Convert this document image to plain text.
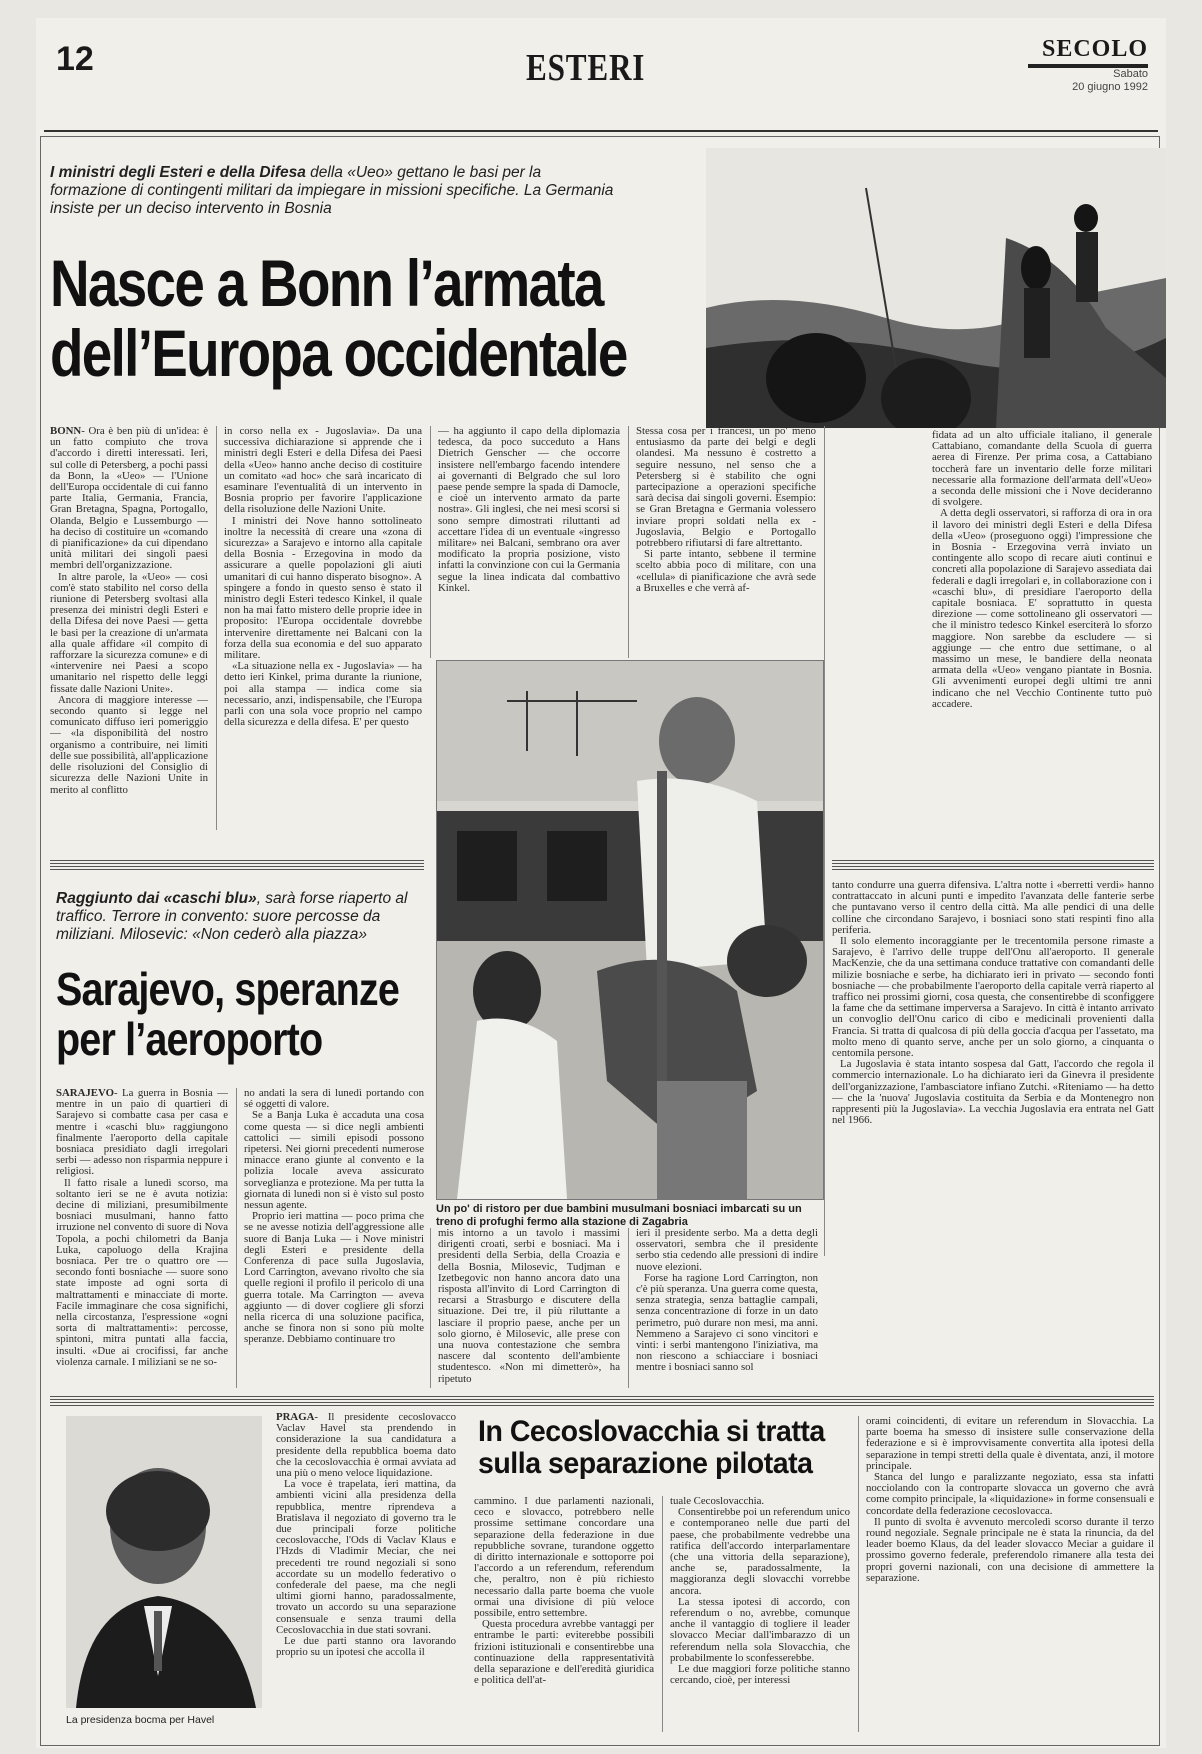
12	ESTERI	SECOLO
Sabato
20 giugno 1992
I ministri degli Esteri e della Difesa della «Ueo» gettano le basi per la formazione di contingenti militari da impiegare in missioni specifiche. La Germania insiste per un deciso intervento in Bosnia
Nasce a Bonn l’armata
dell’Europa occidentale

BONN- Ora è ben più di un'idea: è un fatto compiuto che trova d'accordo i diretti interessati. Ieri, sul colle di Petersberg, a pochi passi da Bonn, la «Ueo» — l'Unione dell'Europa occidentale di cui fanno parte Italia, Germania, Francia, Gran Bretagna, Spagna, Portogallo, Olanda, Belgio e Lussemburgo — ha deciso di costituire un «comando di pianificazione» da cui dipendano unità militari dei singoli paesi membri dell'organizzazione.

In altre parole, la «Ueo» — così com'è stato stabilito nel corso della riunione di Petersberg svoltasi alla presenza dei ministri degli Esteri e della Difesa dei nove Paesi — getta le basi per la creazione di un'armata alla quale affidare «il compito di rafforzare la sicurezza comune» e di «intervenire nei Paesi a scopo umanitario nel rispetto delle leggi fissate dalle Nazioni Unite».

Ancora di maggiore interesse — secondo quanto si legge nel comunicato diffuso ieri pomeriggio — «la disponibilità del nostro organismo a contribuire, nei limiti delle sue possibilità, all'applicazione delle risoluzioni del Consiglio di sicurezza delle Nazioni Unite in merito al conflitto

in corso nella ex - Jugoslavia». Da una successiva dichiarazione si apprende che i ministri degli Esteri e della Difesa dei Paesi della «Ueo» hanno anche deciso di costituire un comitato «ad hoc» che sarà incaricato di esaminare l'eventualità di un intervento in Bosnia proprio per favorire l'applicazione della risoluzione delle Nazioni Unite.

I ministri dei Nove hanno sottolineato inoltre la necessità di creare una «zona di sicurezza» a Sarajevo e intorno alla capitale della Bosnia - Erzegovina in modo da assicurare a quelle popolazioni gli aiuti umanitari di cui hanno disperato bisogno». A spingere a fondo in questo senso è stato il ministro degli Esteri tedesco Kinkel, il quale non ha mai fatto mistero delle proprie idee in proposito: l'Europa occidentale dovrebbe intervenire direttamente nei Balcani con la forza della sua economia e del suo apparato militare.

«La situazione nella ex - Jugoslavia» — ha detto ieri Kinkel, prima durante la riunione, poi alla stampa — indica come sia necessario, anzi, indispensabile, che l'Europa parli con una sola voce proprio nel campo della sicurezza e della difesa. E' per questo

— ha aggiunto il capo della diplomazia tedesca, da poco succeduto a Hans Dietrich Genscher — che occorre insistere nell'embargo facendo intendere ai governanti di Belgrado che sul loro paese pende sempre la spada di Damocle, e cioè un intervento armato da parte nostra». Gli inglesi, che nei mesi scorsi si sono sempre dimostrati riluttanti ad accettare l'idea di un eventuale «ingresso militare» nei Balcani, sembrano ora aver modificato la propria posizione, visto infatti la convinzione con cui la Germania segue la linea indicata dal combattivo Kinkel.

Stessa cosa per i francesi, un po' meno entusiasmo da parte dei belgi e degli olandesi. Ma nessuno è costretto a seguire nessuno, nel senso che a Petersberg si è stabilito che ogni partecipazione a operazioni specifiche sarà decisa dai singoli governi. Esempio: se Gran Bretagna e Germania volessero inviare propri soldati nella ex - Jugoslavia, Belgio e Portogallo potrebbero rifiutarsi di fare altrettanto.

Si parte intanto, sebbene il termine scelto abbia poco di militare, con una «cellula» di pianificazione che avrà sede a Bruxelles e che verrà af-

fidata ad un alto ufficiale italiano, il generale Cattabiano, comandante della Scuola di guerra aerea di Firenze. Per prima cosa, a Cattabiano toccherà fare un inventario delle forze militari necessarie alla formazione dell'armata dell'«Ueo» a seconda delle missioni che i Nove decideranno di svolgere.

A detta degli osservatori, si rafforza di ora in ora il lavoro dei ministri degli Esteri e della Difesa della «Ueo» (proseguono oggi) l'impressione che in Bosnia - Erzegovina verrà inviato un contingente allo scopo di recare aiuti continui e concreti alla popolazione di Sarajevo assediata dai federali e dagli irregolari e, in collaborazione con i «caschi blu», di presidiare l'aeroporto della capitale bosniaca. E' soprattutto in questa direzione — come sottolineano gli osservatori — che il ministro tedesco Kinkel eserciterà lo sforzo maggiore. Non sarebbe da escludere — si aggiunge — che entro due settimane, o al massimo un mese, le bandiere della neonata armata della «Ueo» vengano piantate in Bosnia. Gli avvenimenti europei degli ultimi tre anni indicano che nel Vecchio Continente tutto può accadere.

Un po' di ristoro per due bambini musulmani bosniaci imbarcati su un treno di profughi fermo alla stazione di Zagabria
Raggiunto dai «caschi blu», sarà forse riaperto al traffico. Terrore in convento: suore percosse da miliziani. Milosevic: «Non cederò alla piazza»
Sarajevo, speranze
per l’aeroporto

SARAJEVO- La guerra in Bosnia — mentre in un paio di quartieri di Sarajevo si combatte casa per casa e mentre i «caschi blu» raggiungono finalmente l'aeroporto della capitale bosniaca presidiato dagli irregolari serbi — adesso non risparmia neppure i religiosi.

Il fatto risale a lunedì scorso, ma soltanto ieri se ne è avuta notizia: decine di miliziani, presumibilmente bosniaci musulmani, hanno fatto irruzione nel convento di suore di Nova Topola, a pochi chilometri da Banja Luka, capoluogo della Krajina bosniaca. Per tre o quattro ore — secondo fonti bosniache — suore sono state imposte ad ogni sorta di maltrattamenti e minacciate di morte. Facile immaginare che cosa significhi, nella circostanza, l'espressione «ogni sorta di maltrattamenti»: percosse, spintoni, mitra puntati alla faccia, insulti. «Due ai crocifissi, far anche violenza carnale. I miliziani se ne so-

no andati la sera di lunedì portando con sé oggetti di valore.

Se a Banja Luka è accaduta una cosa come questa — si dice negli ambienti cattolici — simili episodi possono ripetersi. Nei giorni precedenti numerose minacce erano giunte al convento e la polizia locale aveva assicurato sorveglianza e protezione. Ma per tutta la giornata di lunedì non si è visto sul posto nessun agente.

Proprio ieri mattina — poco prima che se ne avesse notizia dell'aggressione alle suore di Banja Luka — i Nove ministri degli Esteri e presidente della Conferenza di pace sulla Jugoslavia, Lord Carrington, avevano rivolto che sia quelle regioni il profilo il pericolo di una guerra totale. Ma Carrington — aveva aggiunto — di dover cogliere gli sforzi nella ricerca di una soluzione pacifica, anche se finora non si sono più molte speranze. Debbiamo continuare tro

mis intorno a un tavolo i massimi dirigenti croati, serbi e bosniaci. Ma i presidenti della Serbia, della Croazia e della Bosnia, Milosevic, Tudjman e Izetbegovic non hanno ancora dato una risposta all'invito di Lord Carrington di recarsi a Strasburgo e discutere della situazione. Dei tre, il più riluttante a lasciare il proprio paese, anche per un solo giorno, è Milosevic, alle prese con una nuova contestazione che sembra nascere dal scontento dell'ambiente studentesco. «Non mi dimetterò», ha ripetuto

ieri il presidente serbo. Ma a detta degli osservatori, sembra che il presidente serbo stia cedendo alle pressioni di indire nuove elezioni.

Forse ha ragione Lord Carrington, non c'è più speranza. Una guerra come questa, senza strategia, senza battaglie campali, senza concentrazione di forze in un dato perimetro, può durare non mesi, ma anni. Nemmeno a Sarajevo ci sono vincitori e vinti: i serbi mantengono l'iniziativa, ma non riescono a schiacciare i bosniaci mentre i bosniaci sanno sol

tanto condurre una guerra difensiva. L'altra notte i «berretti verdi» hanno contrattaccato in alcuni punti e impedito l'avanzata delle fanterie serbe che puntavano verso il centro della città. Ma alle pendici di una delle colline che circondano Sarajevo, i bosniaci sono stati respinti fino alla periferia.

Il solo elemento incoraggiante per le trecentomila persone rimaste a Sarajevo, è l'arrivo delle truppe dell'Onu all'aeroporto. Il generale MacKenzie, che da una settimana conduce trattative con comandanti delle milizie bosniache e serbe, ha dichiarato ieri in privato — secondo fonti bosniache — che probabilmente l'aeroporto della capitale verrà riaperto al traffico nei prossimi giorni, cosa questa, che consentirebbe di sconfiggere la fame che da settimane imperversa a Sarajevo. In città è intanto arrivato un convoglio dell'Onu carico di cibo e medicinali provenienti dalla Francia. Si tratta di qualcosa di più della goccia d'acqua per l'assetato, ma molto meno di quanto serve, anche per un solo giorno, a cinquanta o centomila persone.

La Jugoslavia è stata intanto sospesa dal Gatt, l'accordo che regola il commercio internazionale. Lo ha dichiarato ieri da Ginevra il presidente dell'organizzazione, l'ambasciatore infiano Zutchi. «Riteniamo — ha detto — che la 'nuova' Jugoslavia costituita da Serbia e da Montenegro non rappresenti più la Jugoslavia». La vecchia Jugoslavia era entrata nel Gatt nel 1966.

La presidenza bocma per Havel

PRAGA- Il presidente cecoslovacco Vaclav Havel sta prendendo in considerazione la sua candidatura a presidente della repubblica boema dato che la cecoslovacchia è ormai avviata ad una più o meno veloce liquidazione.

La voce è trapelata, ieri mattina, da ambienti vicini alla presidenza della repubblica, mentre riprendeva a Bratislava il negoziato di governo tra le due principali forze politiche cecoslovacche, l'Ods di Vaclav Klaus e l'Hzds di Vladimir Meciar, che nei precedenti tre round negoziali si sono accordate su un modello federativo o confederale del paese, ma che negli ultimi giorni hanno, paradossalmente, trovato un accordo su una separazione consensuale e senza traumi della Cecoslovacchia in due stati sovrani.

Le due parti stanno ora lavorando proprio su un ipotesi che accolla il

In Cecoslovacchia si tratta
sulla separazione pilotata

cammino. I due parlamenti nazionali, ceco e slovacco, potrebbero nelle prossime settimane concordare una separazione della federazione in due repubbliche sovrane, turandone oggetto di diritto internazionale e sottoporre poi l'accordo a un referendum, referendum che, peraltro, non è più richiesto necessario dalla parte boema che vuole ormai una divisione di più veloce possibile, entro settembre.

Questa procedura avrebbe vantaggi per entrambe le parti: eviterebbe possibili frizioni istituzionali e consentirebbe una continuazione della rappresentatività della separazione e dell'eredità giuridica e politica dell'at-

tuale Cecoslovacchia.

Consentirebbe poi un referendum unico e contemporaneo nelle due parti del paese, che probabilmente vedrebbe una ratifica dell'accordo interparlamentare (che una vittoria della separazione), anche se, paradossalmente, la maggioranza degli slovacchi vorrebbe ancora.

La stessa ipotesi di accordo, con referendum o no, avrebbe, comunque anche il vantaggio di togliere il leader slovacco Meciar dall'imbarazzo di un referendum nella sola Slovacchia, che probabilmente lo sconfesserebbe.

Le due maggiori forze politiche stanno cercando, cioè, per interessi

orami coincidenti, di evitare un referendum in Slovacchia. La parte boema ha smesso di insistere sulle conservazione della federazione e si è improvvisamente convertita alla ipotesi della separazione in tempi stretti della quale è diventata, anzi, il motore principale.

Stanca del lungo e paralizzante negoziato, essa sta infatti nocciolando con la controparte slovacca un governo che avrà come compito principale, la «liquidazione» in forme consensuali e concordate della federazione cecoslovacca.

Il punto di svolta è avvenuto mercoledì scorso durante il terzo round negoziale. Segnale principale ne è stata la rinuncia, da del leader boemo Klaus, da del leader slovacco Meciar a guidare il prossimo governo federale, preferendolo rimanere alla testa dei propri governi nazionali, con una decisione di ammettere la separazione.
